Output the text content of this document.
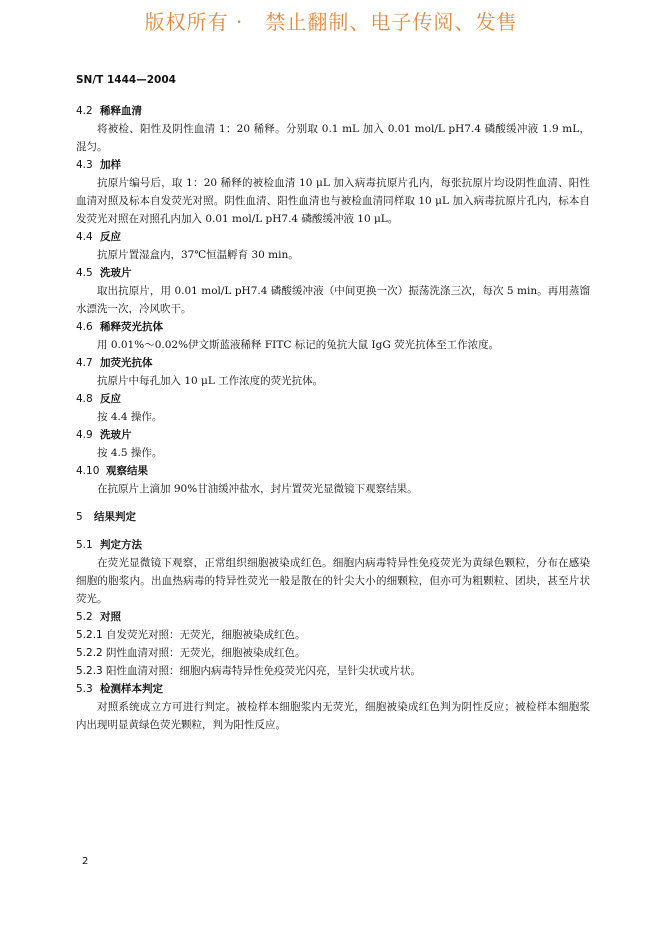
版权所有 ·   禁止翻制、电子传阅、发售
SN/T 1444—2004
4.2 稀释血清

将被检、阳性及阴性血清 1：20 稀释。分别取 0.1 mL 加入 0.01 mol/L pH7.4 磷酸缓冲液 1.9 mL，混匀。

4.3 加样

抗原片编号后，取 1：20 稀释的被检血清 10 μL 加入病毒抗原片孔内，每张抗原片均设阴性血清、阳性血清对照及标本自发荧光对照。阴性血清、阳性血清也与被检血清同样取 10 μL 加入病毒抗原片孔内，标本自发荧光对照在对照孔内加入 0.01 mol/L pH7.4 磷酸缓冲液 10 μL。

4.4 反应

抗原片置湿盒内，37℃恒温孵育 30 min。

4.5 洗玻片

取出抗原片，用 0.01 mol/L pH7.4 磷酸缓冲液（中间更换一次）振荡洗涤三次，每次 5 min。再用蒸馏水漂洗一次，冷风吹干。

4.6 稀释荧光抗体

用 0.01%～0.02%伊文斯蓝液稀释 FITC 标记的兔抗大鼠 IgG 荧光抗体至工作浓度。

4.7 加荧光抗体

抗原片中每孔加入 10 μL 工作浓度的荧光抗体。

4.8 反应

按 4.4 操作。

4.9 洗玻片

按 4.5 操作。

4.10 观察结果

在抗原片上滴加 90%甘油缓冲盐水，封片置荧光显微镜下观察结果。

5	结果判定
5.1 判定方法

在荧光显微镜下观察，正常组织细胞被染成红色。细胞内病毒特异性免疫荧光为黄绿色颗粒，分布在感染细胞的胞浆内。出血热病毒的特异性荧光一般是散在的针尖大小的细颗粒，但亦可为粗颗粒、团块，甚至片状荧光。

5.2 对照
5.2.1 自发荧光对照：无荧光，细胞被染成红色。
5.2.2 阴性血清对照：无荧光，细胞被染成红色。
5.2.3 阳性血清对照：细胞内病毒特异性免疫荧光闪亮，呈针尖状或片状。
5.3 检测样本判定

对照系统成立方可进行判定。被检样本细胞浆内无荧光，细胞被染成红色判为阴性反应；被检样本细胞浆内出现明显黄绿色荧光颗粒，判为阳性反应。

2
